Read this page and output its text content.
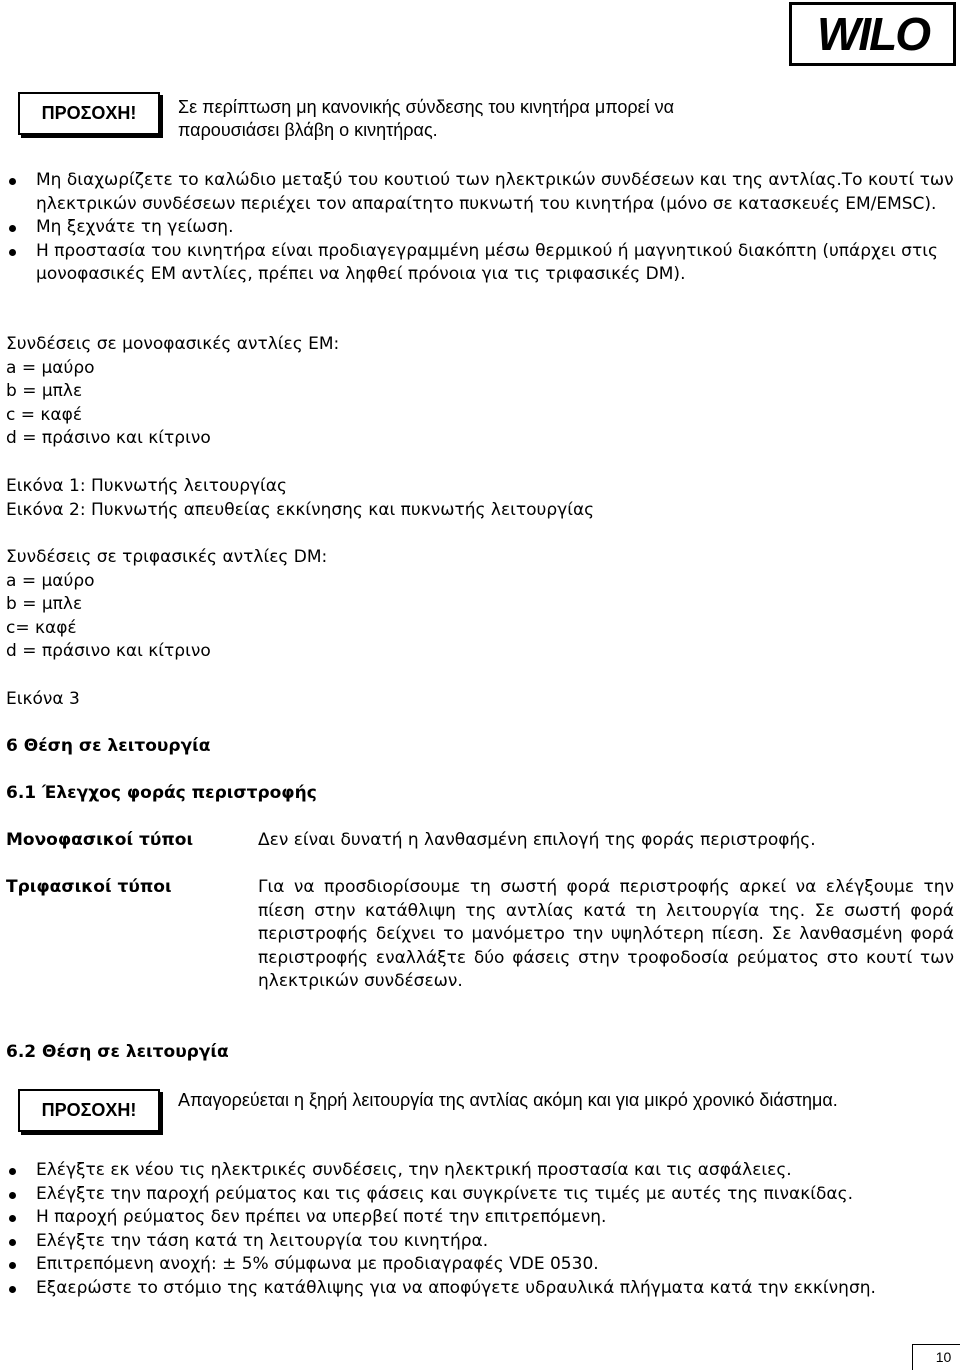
WILO
ΠΡΟΣΟΧΗ! Σε περίπτωση μη κανονικής σύνδεσης του κινητήρα μπορεί να παρουσιάσει βλάβη ο κινητήρας.
Μη διαχωρίζετε το καλώδιο μεταξύ του κουτιού των ηλεκτρικών συνδέσεων και της αντλίας.Το κουτί των ηλεκτρικών συνδέσεων περιέχει τον απαραίτητο πυκνωτή του κινητήρα (μόνο σε κατασκευές EM/EMSC).
Μη ξεχνάτε τη γείωση.
Η προστασία του κινητήρα είναι προδιαγεγραμμένη μέσω θερμικού ή μαγνητικού διακόπτη (υπάρχει στις μονοφασικές ΕΜ αντλίες, πρέπει να ληφθεί πρόνοια για τις τριφασικές DM).
Συνδέσεις σε μονοφασικές αντλίες EM:
a = μαύρο
b = μπλε
c = καφέ
d = πράσινο και κίτρινο
Εικόνα 1: Πυκνωτής λειτουργίας
Εικόνα 2: Πυκνωτής απευθείας εκκίνησης και πυκνωτής λειτουργίας
Συνδέσεις σε τριφασικές αντλίες DM:
a = μαύρο
b = μπλε
c= καφέ
d = πράσινο και κίτρινο
Εικόνα 3
6 Θέση σε λειτουργία
6.1 Έλεγχος φοράς περιστροφής
Μονοφασικοί τύποι	Δεν είναι δυνατή η λανθασμένη επιλογή της φοράς περιστροφής.
Τριφασικοί τύποι	Για να προσδιορίσουμε τη σωστή φορά περιστροφής αρκεί να ελέγξουμε την πίεση στην κατάθλιψη της αντλίας κατά τη λειτουργία της. Σε σωστή φορά περιστροφής δείχνει το μανόμετρο την υψηλότερη πίεση. Σε λανθασμένη φορά περιστροφής εναλλάξτε δύο φάσεις στην τροφοδοσία ρεύματος στο κουτί των ηλεκτρικών συνδέσεων.
6.2 Θέση σε λειτουργία
ΠΡΟΣΟΧΗ! Απαγορεύεται η ξηρή λειτουργία της αντλίας ακόμη και για μικρό χρονικό διάστημα.
Ελέγξτε εκ νέου τις ηλεκτρικές συνδέσεις, την ηλεκτρική προστασία και τις ασφάλειες.
Ελέγξτε την παροχή ρεύματος και τις φάσεις και συγκρίνετε τις τιμές με αυτές της πινακίδας.
Η παροχή ρεύματος δεν πρέπει να υπερβεί ποτέ την επιτρεπόμενη.
Ελέγξτε την τάση κατά τη λειτουργία του κινητήρα.
Επιτρεπόμενη ανοχή: ± 5% σύμφωνα με προδιαγραφές VDE 0530.
Εξαερώστε το στόμιο της κατάθλιψης για να αποφύγετε υδραυλικά πλήγματα κατά την εκκίνηση.
10
